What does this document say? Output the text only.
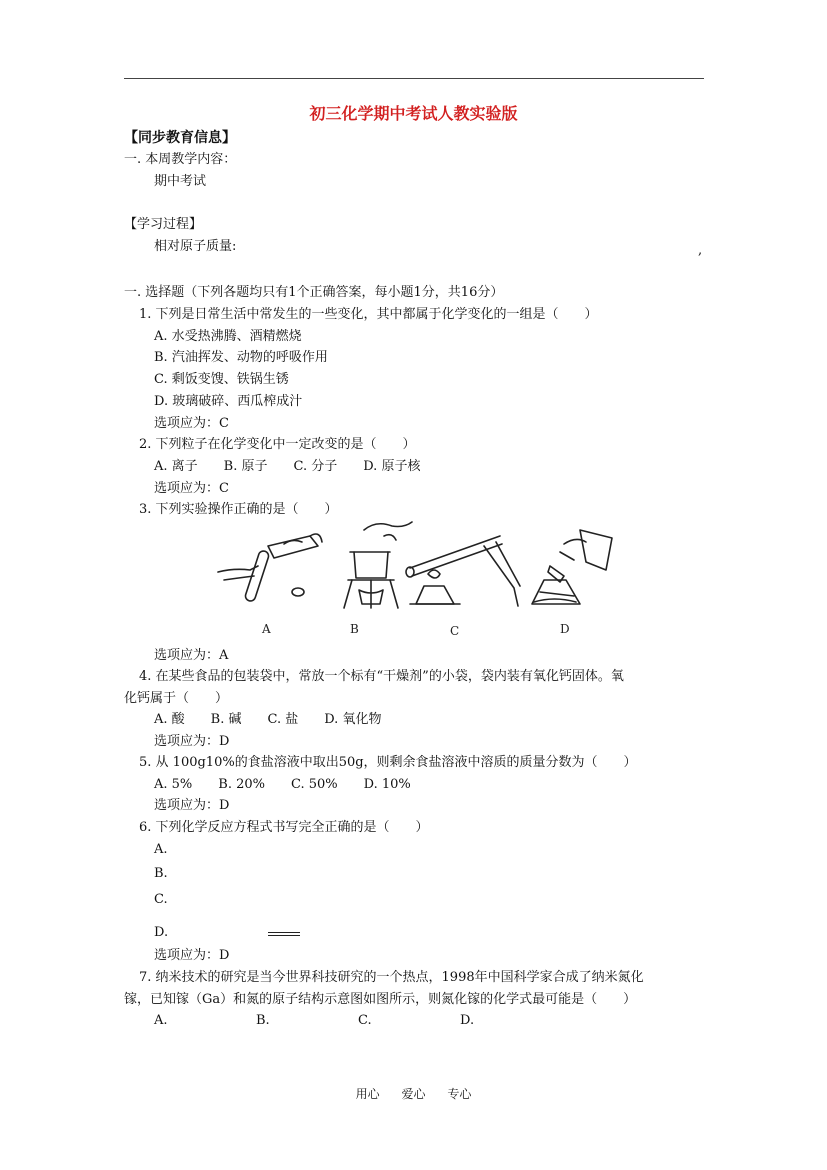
初三化学期中考试人教实验版
【同步教育信息】
一. 本周教学内容：
期中考试
【学习过程】
相对原子质量:	,
一. 选择题（下列各题均只有1个正确答案，每小题1分，共16分）
1. 下列是日常生活中常发生的一些变化，其中都属于化学变化的一组是（　　）
A. 水受热沸腾、酒精燃烧
B. 汽油挥发、动物的呼吸作用
C. 剩饭变馊、铁锅生锈
D. 玻璃破碎、西瓜榨成汁
选项应为：C
2. 下列粒子在化学变化中一定改变的是（　　）
A. 离子　　B. 原子　　C. 分子　　D. 原子核
选项应为：C
3. 下列实验操作正确的是（　　）
A	B	C	D
选项应为：A
4. 在某些食品的包装袋中，常放一个标有“干燥剂”的小袋，袋内装有氧化钙固体。氧
化钙属于（　　）
A. 酸　　B. 碱　　C. 盐　　D. 氧化物
选项应为：D
5. 从 100g10%的食盐溶液中取出50g，则剩余食盐溶液中溶质的质量分数为（　　）
A. 5%　　B. 20%　　C. 50%　　D. 10%
选项应为：D
6. 下列化学反应方程式书写完全正确的是（　　）
A.
B.
C.
D.
选项应为：D
7. 纳米技术的研究是当今世界科技研究的一个热点，1998年中国科学家合成了纳米氮化
镓，已知镓（Ga）和氮的原子结构示意图如图所示，则氮化镓的化学式最可能是（　　）
A.	B.	C.	D.
用心 爱心 专心
